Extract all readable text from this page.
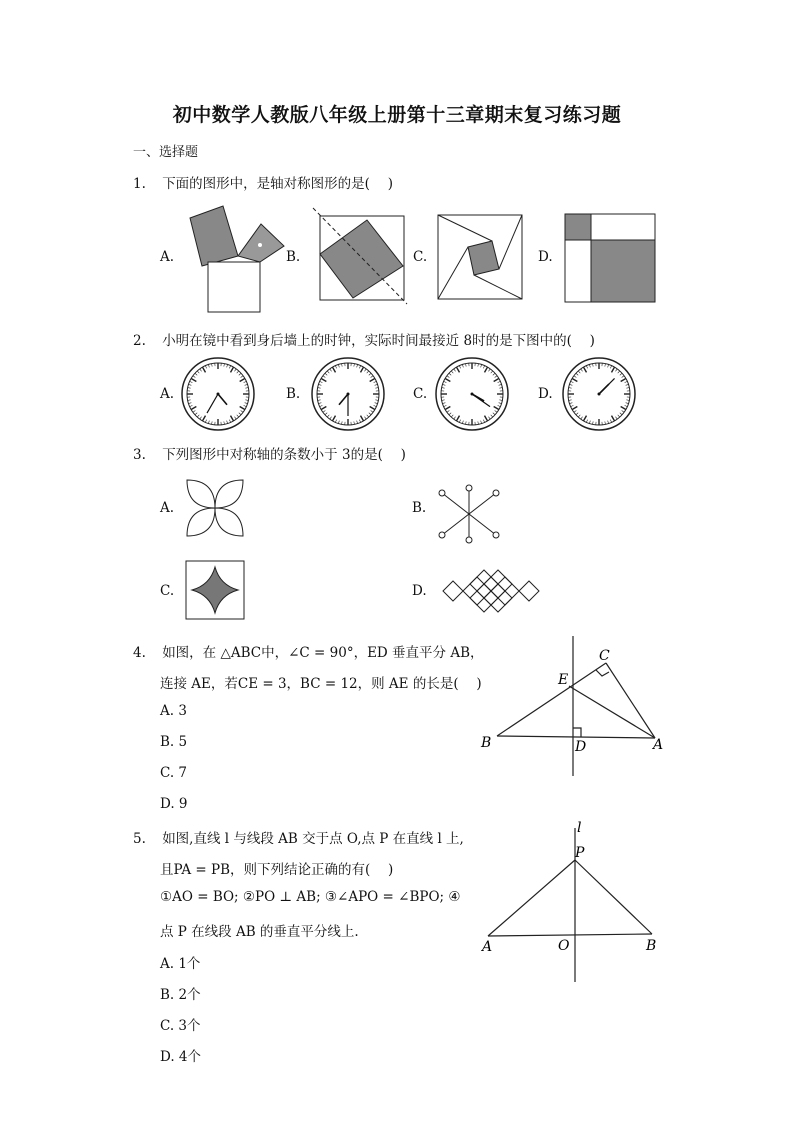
初中数学人教版八年级上册第十三章期末复习练习题
一、选择题
1. 下面的图形中，是轴对称图形的是(　 )
A.	B.	C.	D.
2. 小明在镜中看到身后墙上的时钟，实际时间最接近 8时的是下图中的(　 )
A.	B.	C.	D.
3. 下列图形中对称轴的条数小于 3的是(　 )
A.	B.
C.	D.
4. 如图，在 △ABC中，∠C = 90°，ED 垂直平分 AB，
连接 AE，若CE = 3，BC = 12，则 AE 的长是(　 )
A. 3
B. 5
C. 7
D. 9
C
E
B	D	A
5. 如图,直线 l 与线段 AB 交于点 O,点 P 在直线 l 上,
且PA = PB，则下列结论正确的有(　 )
①AO = BO; ②PO ⊥ AB; ③∠APO = ∠BPO; ④
点 P 在线段 AB 的垂直平分线上.
A. 1个
B. 2个
C. 3个
D. 4个
l
P
A	O	B
